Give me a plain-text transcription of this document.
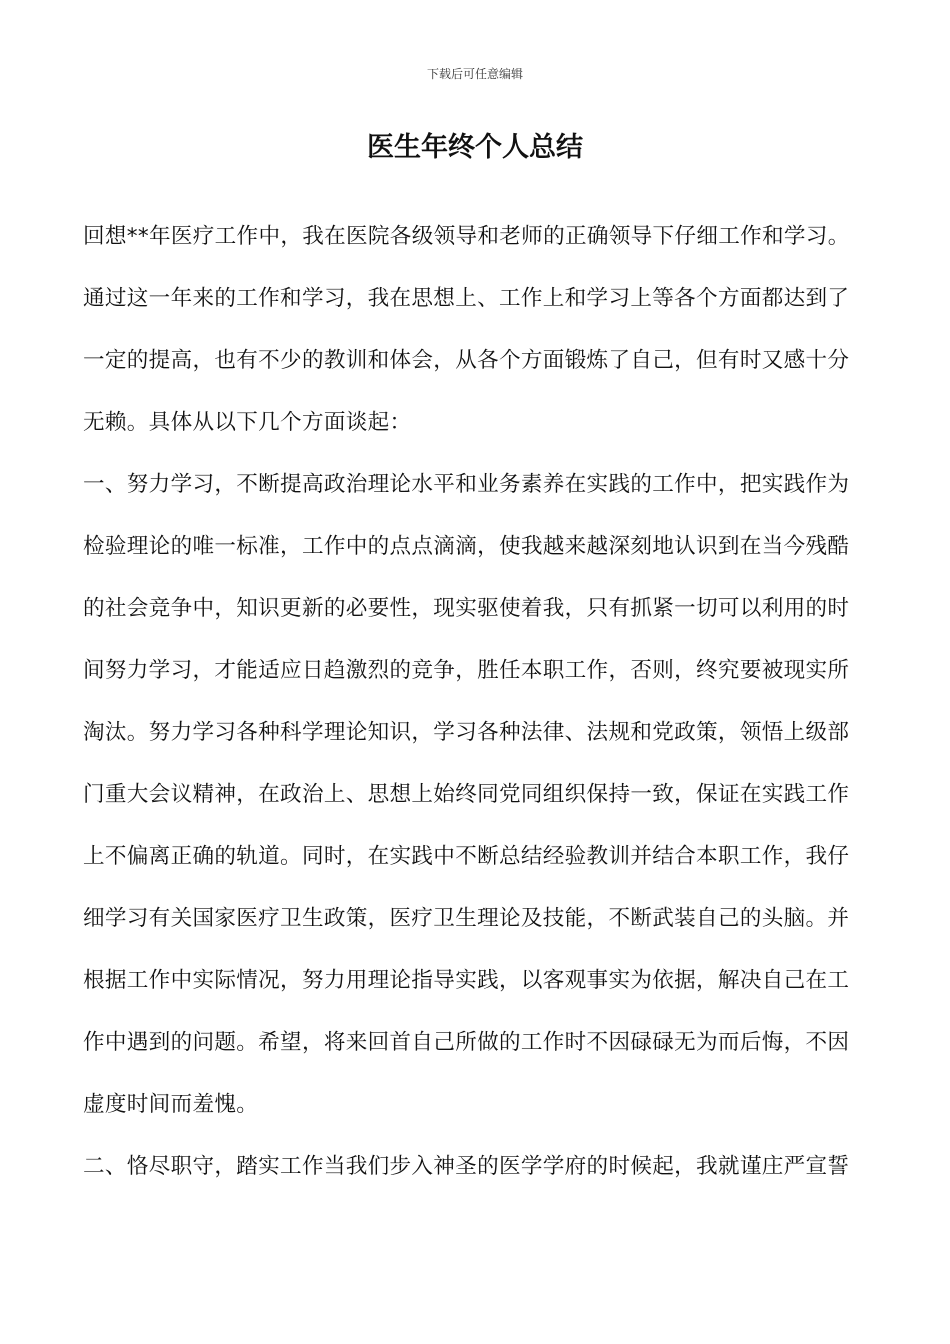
下载后可任意编辑
医生年终个人总结
回想**年医疗工作中，我在医院各级领导和老师的正确领导下仔细工作和学习。
通过这一年来的工作和学习，我在思想上、工作上和学习上等各个方面都达到了
一定的提高，也有不少的教训和体会，从各个方面锻炼了自己，但有时又感十分
无赖。具体从以下几个方面谈起：
一、努力学习，不断提高政治理论水平和业务素养在实践的工作中，把实践作为
检验理论的唯一标准，工作中的点点滴滴，使我越来越深刻地认识到在当今残酷
的社会竞争中，知识更新的必要性，现实驱使着我，只有抓紧一切可以利用的时
间努力学习，才能适应日趋激烈的竞争，胜任本职工作，否则，终究要被现实所
淘汰。努力学习各种科学理论知识，学习各种法律、法规和党政策，领悟上级部
门重大会议精神，在政治上、思想上始终同党同组织保持一致，保证在实践工作
上不偏离正确的轨道。同时，在实践中不断总结经验教训并结合本职工作，我仔
细学习有关国家医疗卫生政策，医疗卫生理论及技能，不断武装自己的头脑。并
根据工作中实际情况，努力用理论指导实践，以客观事实为依据，解决自己在工
作中遇到的问题。希望，将来回首自己所做的工作时不因碌碌无为而后悔，不因
虚度时间而羞愧。
二、恪尽职守，踏实工作当我们步入神圣的医学学府的时候起，我就谨庄严宣誓
